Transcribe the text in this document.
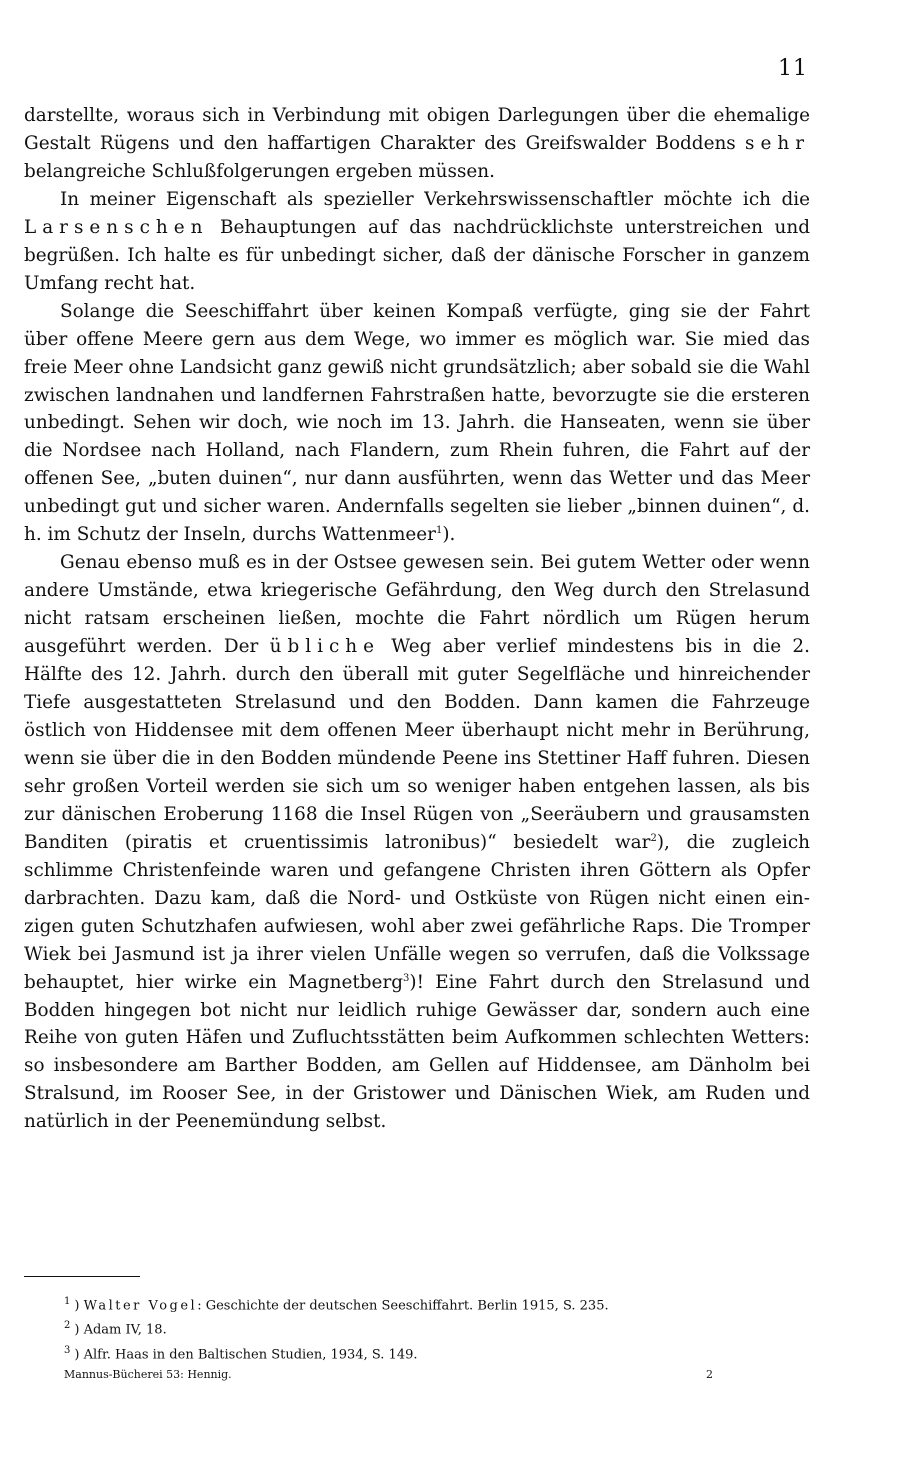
11

darstellte, woraus sich in Verbindung mit obigen Darlegungen über die ehemalige Gestalt Rügens und den haffartigen Charakter des Greifswalder Boddens sehr belangreiche Schlußfolgerungen ergeben müssen.

In meiner Eigenschaft als spezieller Verkehrswissenschaftler möchte ich die Larsenschen Behauptungen auf das nachdrücklichste unterstreichen und begrüßen. Ich halte es für unbedingt sicher, daß der dänische Forscher in ganzem Umfang recht hat.

Solange die Seeschiffahrt über keinen Kompaß verfügte, ging sie der Fahrt über offene Meere gern aus dem Wege, wo immer es möglich war. Sie mied das freie Meer ohne Landsicht ganz gewiß nicht grundsätzlich; aber sobald sie die Wahl zwischen landnahen und landfernen Fahrstraßen hatte, bevorzugte sie die ersteren unbedingt. Sehen wir doch, wie noch im 13. Jahrh. die Hanseaten, wenn sie über die Nordsee nach Holland, nach Flandern, zum Rhein fuhren, die Fahrt auf der offenen See, „buten duinen“, nur dann ausführten, wenn das Wetter und das Meer unbedingt gut und sicher waren. Andernfalls segelten sie lieber „binnen duinen“, d. h. im Schutz der Inseln, durchs Wattenmeer$^1$).

Genau ebenso muß es in der Ostsee gewesen sein. Bei gutem Wetter oder wenn andere Umstände, etwa kriegerische Gefährdung, den Weg durch den Strelasund nicht ratsam erscheinen ließen, mochte die Fahrt nördlich um Rügen herum ausgeführt werden. Der übliche Weg aber verlief mindestens bis in die 2. Hälfte des 12. Jahrh. durch den überall mit guter Segelfläche und hinreichender Tiefe ausgestatteten Strelasund und den Bodden. Dann kamen die Fahrzeuge östlich von Hiddensee mit dem offenen Meer überhaupt nicht mehr in Berührung, wenn sie über die in den Bodden mündende Peene ins Stettiner Haff fuhren. Diesen sehr großen Vorteil werden sie sich um so weniger haben entgehen lassen, als bis zur dänischen Eroberung 1168 die Insel Rügen von „Seeräubern und grausamsten Banditen (piratis et cruentissimis latronibus)“ besiedelt war$^2$), die zugleich schlimme Christenfeinde waren und gefangene Christen ihren Göttern als Opfer darbrachten. Dazu kam, daß die Nord- und Ostküste von Rügen nicht einen einzigen guten Schutzhafen aufwiesen, wohl aber zwei gefährliche Raps. Die Tromper Wiek bei Jasmund ist ja ihrer vielen Unfälle wegen so verrufen, daß die Volkssage behauptet, hier wirke ein Magnetberg$^3$)! Eine Fahrt durch den Strelasund und Bodden hingegen bot nicht nur leidlich ruhige Gewässer dar, sondern auch eine Reihe von guten Häfen und Zufluchtsstätten beim Aufkommen schlechten Wetters: so insbesondere am Barther Bodden, am Gellen auf Hiddensee, am Dänholm bei Stralsund, im Rooser See, in der Gristower und Dänischen Wiek, am Ruden und natürlich in der Peenemündung selbst.

$^1$ ) Walter Vogel: Geschichte der deutschen Seeschiffahrt. Berlin 1915, S. 235.
$^2$ ) Adam IV, 18.
$^3$ ) Alfr. Haas in den Baltischen Studien, 1934, S. 149.
Mannus-Bücherei 53: Hennig.	2
